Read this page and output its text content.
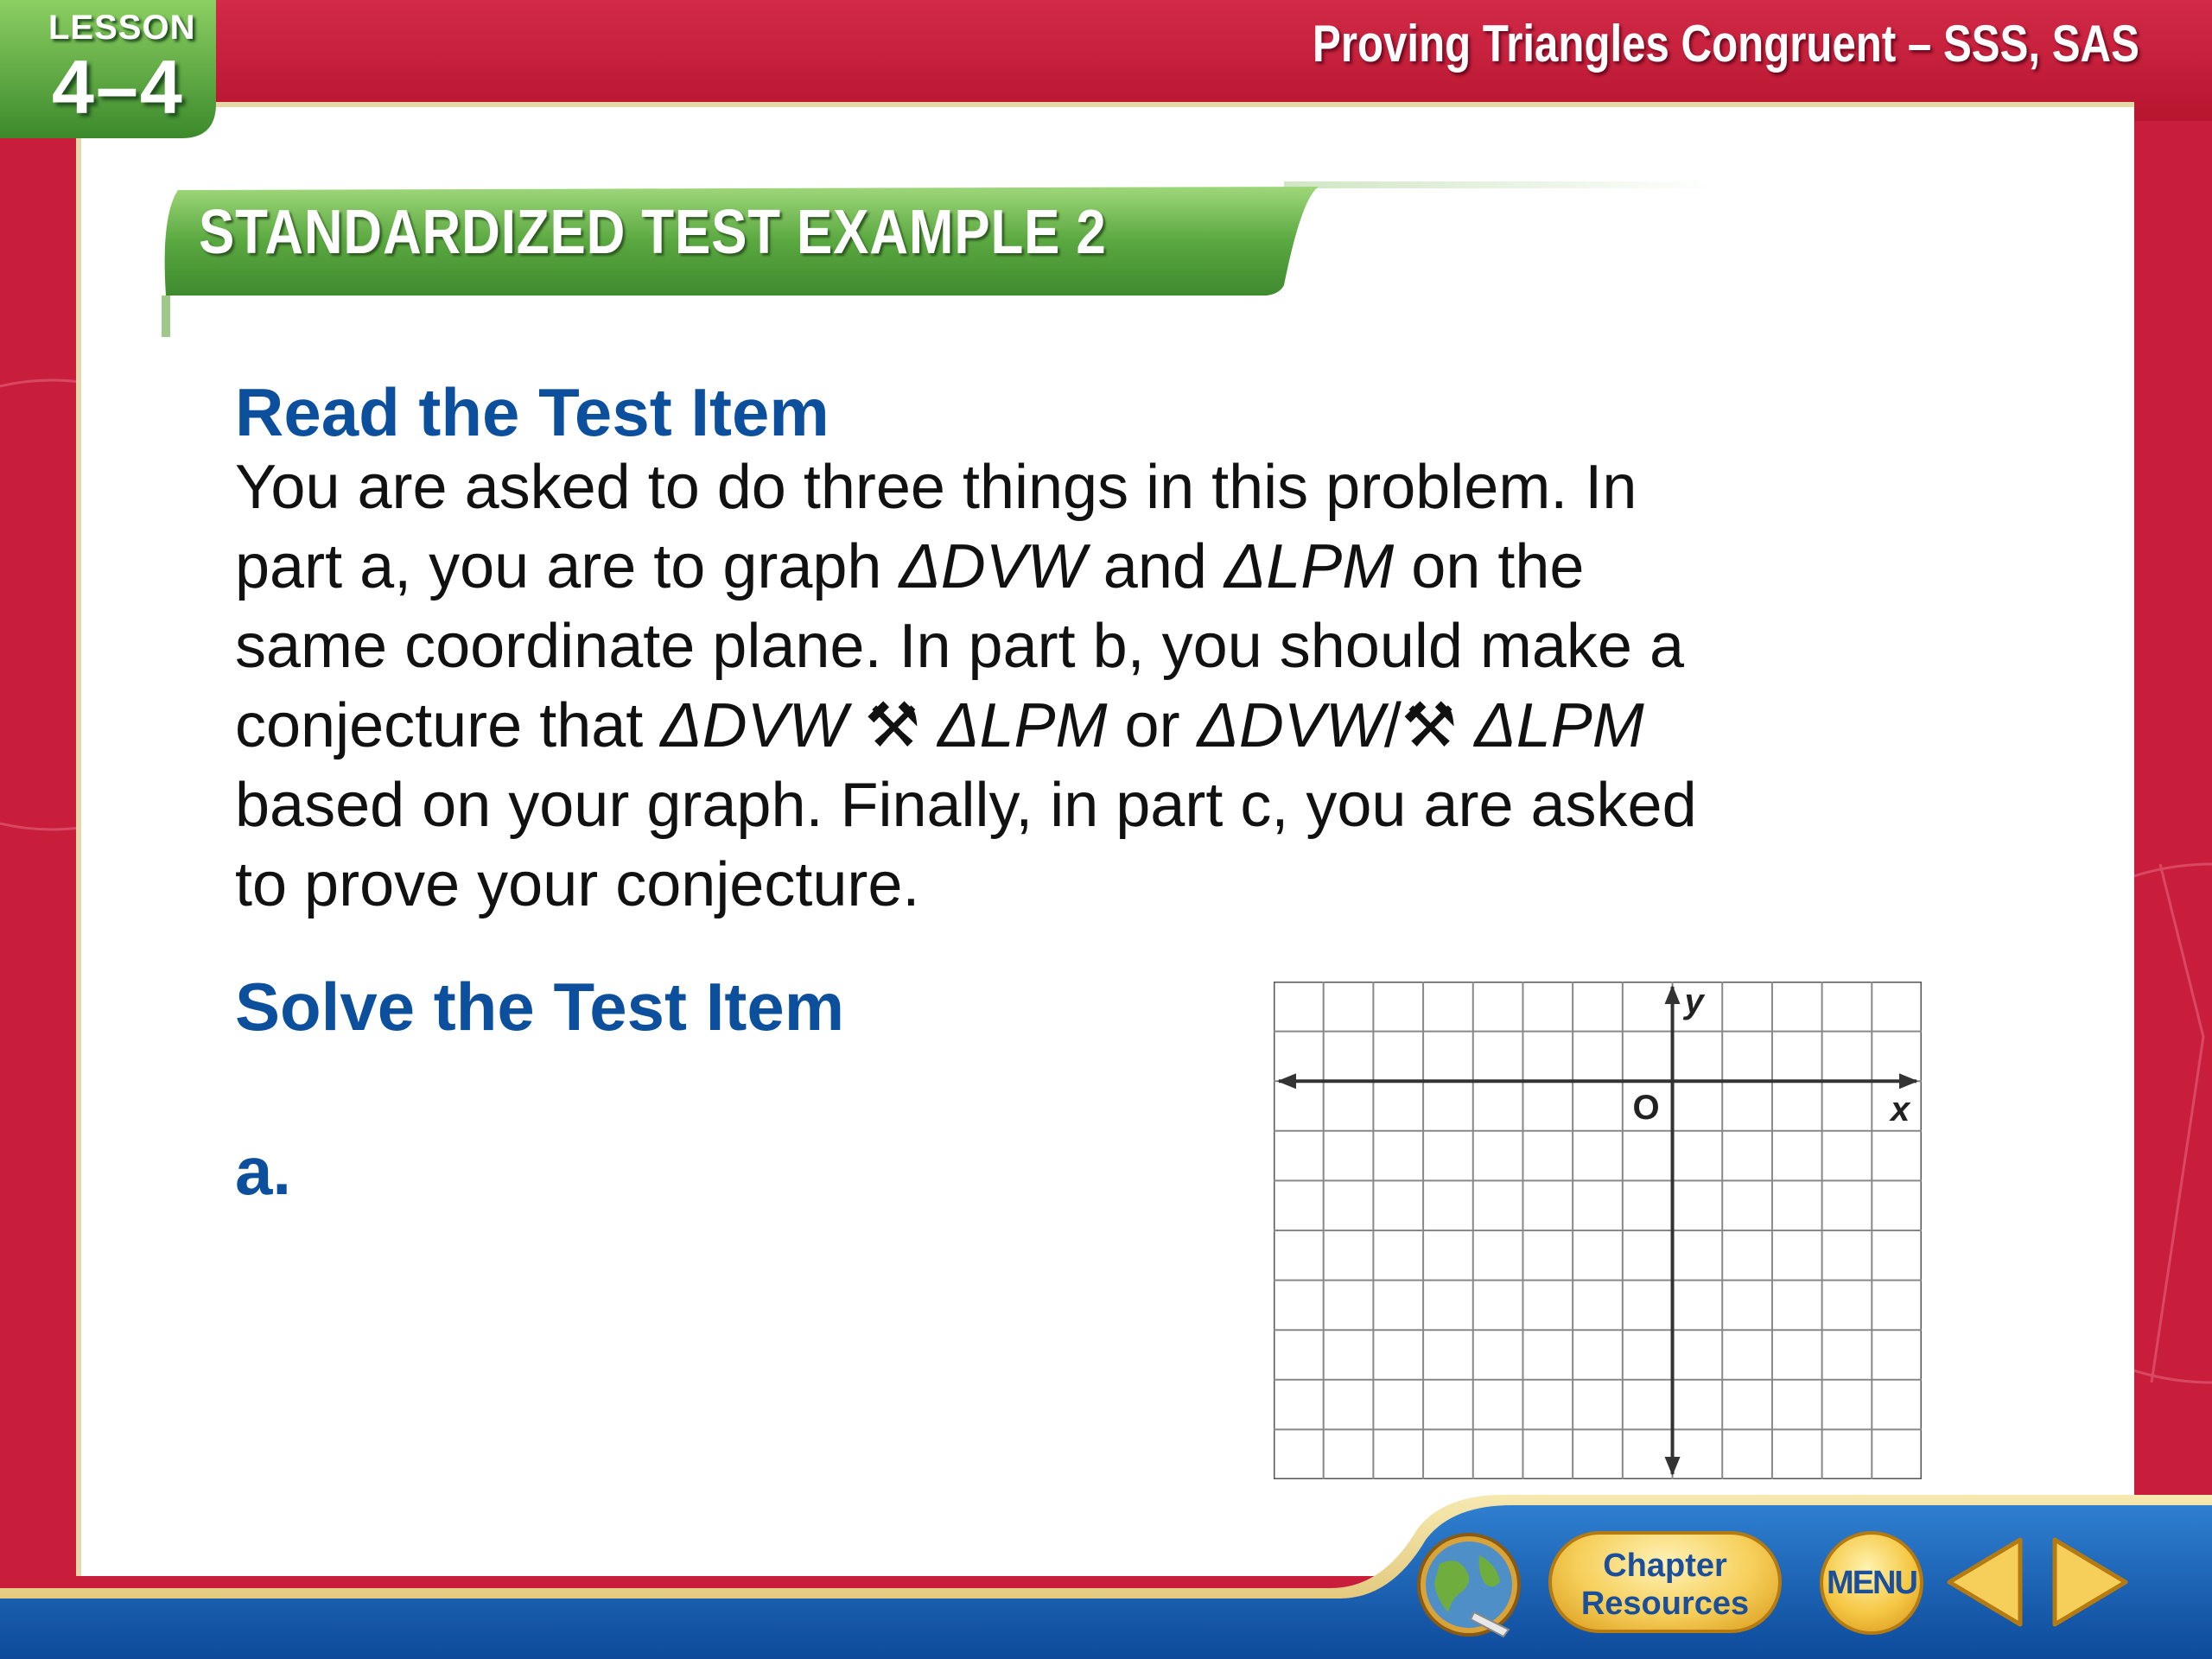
LESSON
4–4
Proving Triangles Congruent – SSS, SAS
STANDARDIZED TEST EXAMPLE 2
Read the Test Item
You are asked to do three things in this problem. In
part a, you are to graph ΔDVW and ΔLPM on the
same coordinate plane. In part b, you should make a
conjecture that ΔDVW ⚒ ΔLPM or ΔDVW/⚒ ΔLPM
based on your graph. Finally, in part c, you are asked
to prove your conjecture.
Solve the Test Item
a.
x
y
O
Chapter
Resources
MENU
